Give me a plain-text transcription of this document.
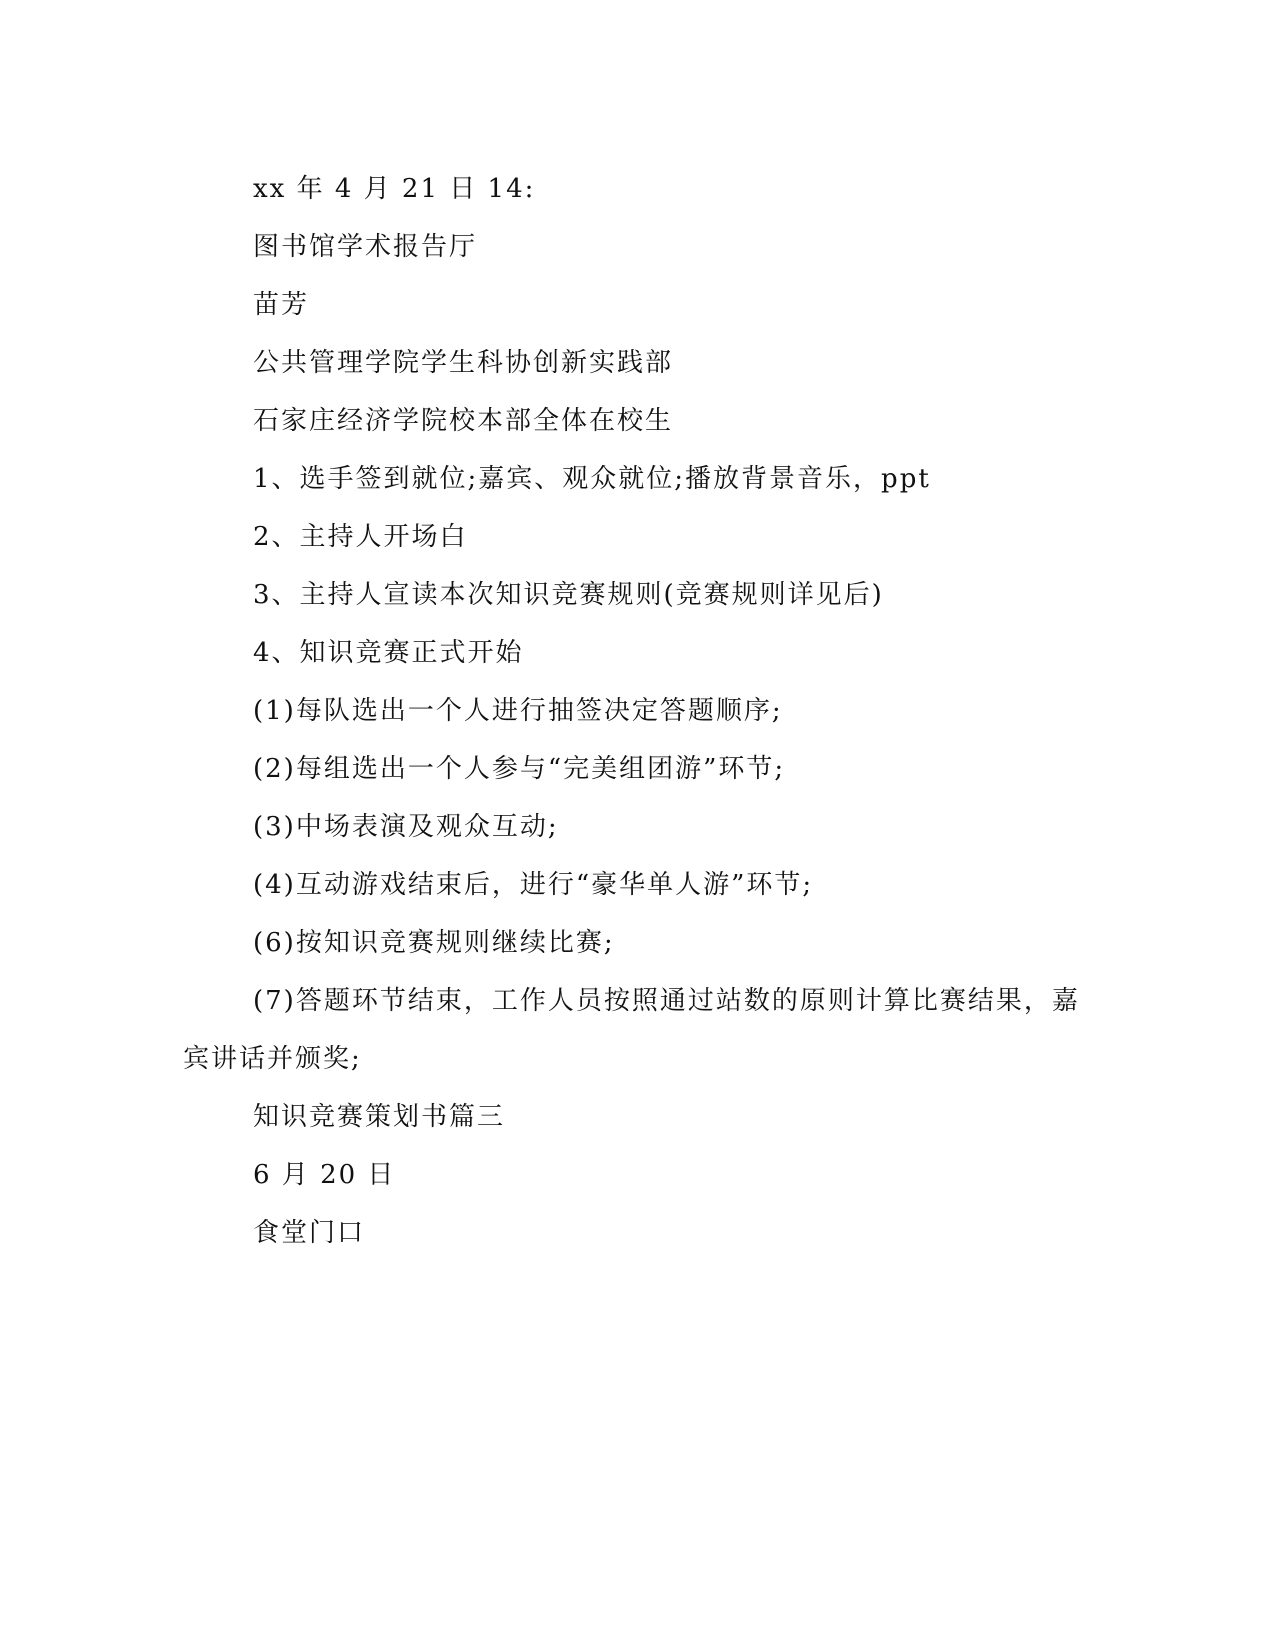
xx 年 4 月 21 日 14:

图书馆学术报告厅

苗芳

公共管理学院学生科协创新实践部

石家庄经济学院校本部全体在校生

1、选手签到就位;嘉宾、观众就位;播放背景音乐，ppt

2、主持人开场白

3、主持人宣读本次知识竞赛规则(竞赛规则详见后)

4、知识竞赛正式开始

(1)每队选出一个人进行抽签决定答题顺序;

(2)每组选出一个人参与“完美组团游”环节;

(3)中场表演及观众互动;

(4)互动游戏结束后，进行“豪华单人游”环节;

(6)按知识竞赛规则继续比赛;

(7)答题环节结束，工作人员按照通过站数的原则计算比赛结果，嘉宾讲话并颁奖;

知识竞赛策划书篇三

6 月 20 日

食堂门口
